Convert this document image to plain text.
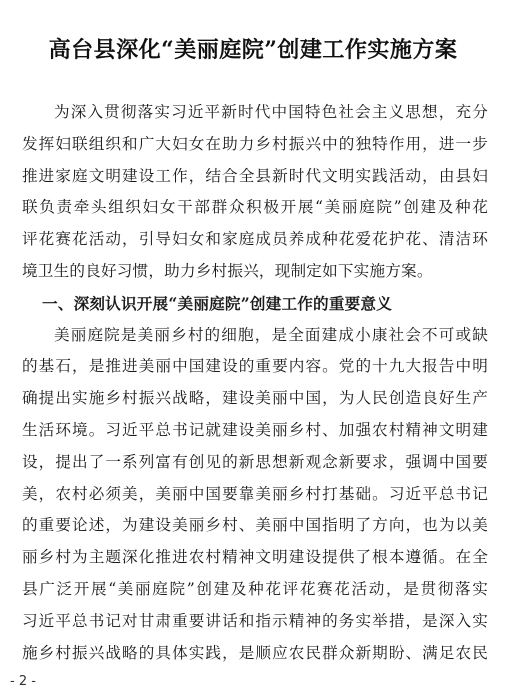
高台县深化“美丽庭院”创建工作实施方案
为深入贯彻落实习近平新时代中国特色社会主义思想，充分
发挥妇联组织和广大妇女在助力乡村振兴中的独特作用，进一步
推进家庭文明建设工作，结合全县新时代文明实践活动，由县妇
联负责牵头组织妇女干部群众积极开展“美丽庭院”创建及种花
评花赛花活动，引导妇女和家庭成员养成种花爱花护花、清洁环
境卫生的良好习惯，助力乡村振兴，现制定如下实施方案。
一、深刻认识开展“美丽庭院”创建工作的重要意义
美丽庭院是美丽乡村的细胞，是全面建成小康社会不可或缺
的基石，是推进美丽中国建设的重要内容。党的十九大报告中明
确提出实施乡村振兴战略，建设美丽中国，为人民创造良好生产
生活环境。习近平总书记就建设美丽乡村、加强农村精神文明建
设，提出了一系列富有创见的新思想新观念新要求，强调中国要
美，农村必须美，美丽中国要靠美丽乡村打基础。习近平总书记
的重要论述，为建设美丽乡村、美丽中国指明了方向，也为以美
丽乡村为主题深化推进农村精神文明建设提供了根本遵循。在全
县广泛开展“美丽庭院”创建及种花评花赛花活动，是贯彻落实
习近平总书记对甘肃重要讲话和指示精神的务实举措，是深入实
施乡村振兴战略的具体实践，是顺应农民群众新期盼、满足农民
- 2 -
